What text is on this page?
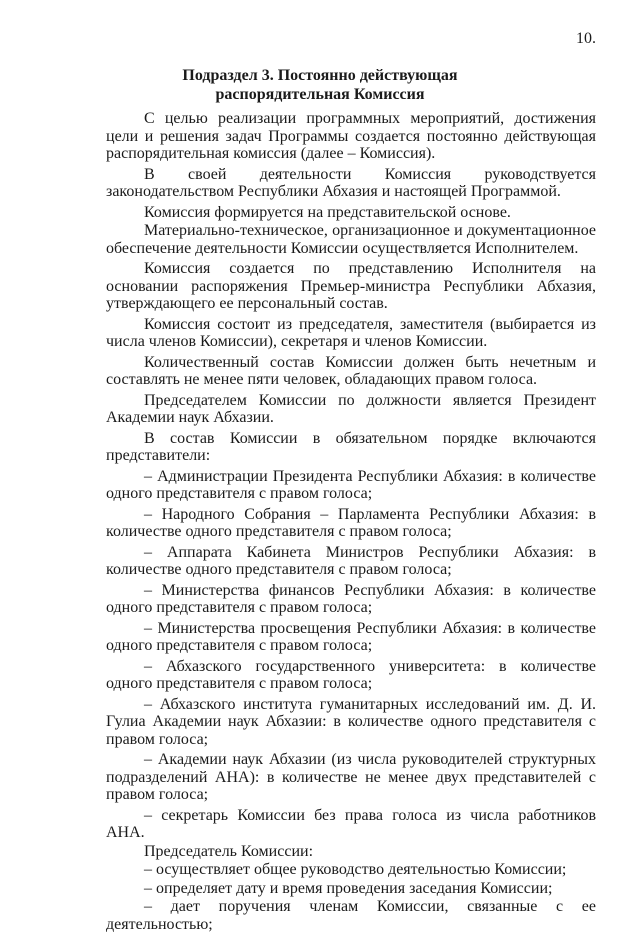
10.
Подраздел 3. Постоянно действующая
распорядительная Комиссия

С целью реализации программных мероприятий, достижения цели и решения задач Программы создается постоянно действующая распорядительная комиссия (далее – Комиссия).

В своей деятельности Комиссия руководствуется законодательством Республики Абхазия и настоящей Программой.

Комиссия формируется на представительской основе.

Материально-техническое, организационное и документационное обеспечение деятельности Комиссии осуществляется Исполнителем.

Комиссия создается по представлению Исполнителя на основании распоряжения Премьер-министра Республики Абхазия, утверждающего ее персональный состав.

Комиссия состоит из председателя, заместителя (выбирается из числа членов Комиссии), секретаря и членов Комиссии.

Количественный состав Комиссии должен быть нечетным и составлять не менее пяти человек, обладающих правом голоса.

Председателем Комиссии по должности является Президент Академии наук Абхазии.

В состав Комиссии в обязательном порядке включаются представители:

– Администрации Президента Республики Абхазия: в количестве одного представителя с правом голоса;

– Народного Собрания – Парламента Республики Абхазия: в количестве одного представителя с правом голоса;

– Аппарата Кабинета Министров Республики Абхазия: в количестве одного представителя с правом голоса;

– Министерства финансов Республики Абхазия: в количестве одного представителя с правом голоса;

– Министерства просвещения Республики Абхазия: в количестве одного представителя с правом голоса;

– Абхазского государственного университета: в количестве одного представителя с правом голоса;

– Абхазского института гуманитарных исследований им. Д. И. Гулиа Академии наук Абхазии: в количестве одного представителя с правом голоса;

– Академии наук Абхазии (из числа руководителей структурных подразделений АНА): в количестве не менее двух представителей с правом голоса;

– секретарь Комиссии без права голоса из числа работников АНА.

Председатель Комиссии:

– осуществляет общее руководство деятельностью Комиссии;

– определяет дату и время проведения заседания Комиссии;

– дает поручения членам Комиссии, связанные с ее деятельностью;
